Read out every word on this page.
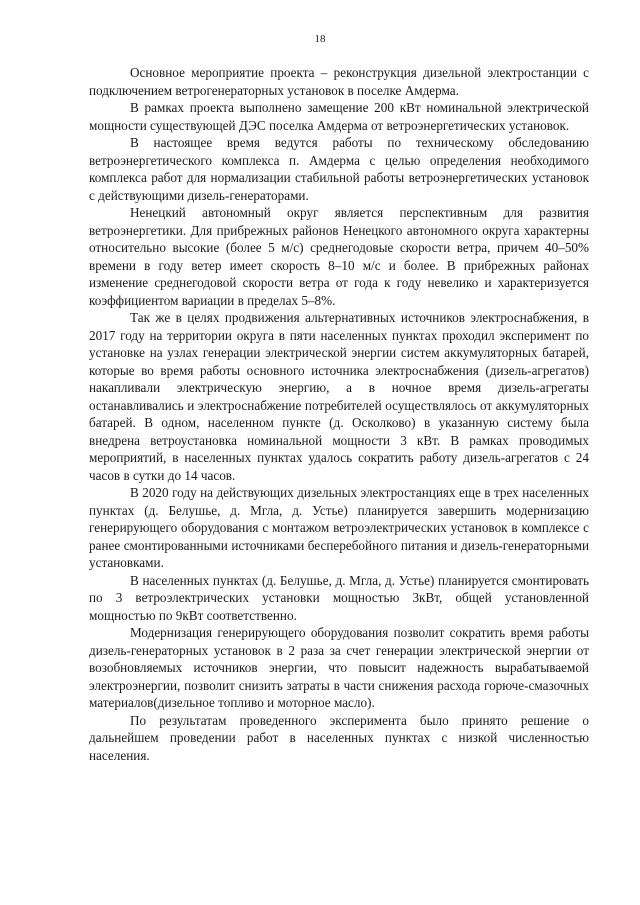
18

Основное мероприятие проекта – реконструкция дизельной электростанции с подключением ветрогенераторных установок в поселке Амдерма.

В рамках проекта выполнено замещение 200 кВт номинальной электрической мощности существующей ДЭС поселка Амдерма от ветроэнергетических установок.

В настоящее время ведутся работы по техническому обследованию ветроэнергетического комплекса п. Амдерма с целью определения необходимого комплекса работ для нормализации стабильной работы ветроэнергетических установок с действующими дизель-генераторами.

Ненецкий автономный округ является перспективным для развития ветроэнергетики. Для прибрежных районов Ненецкого автономного округа характерны относительно высокие (более 5 м/с) среднегодовые скорости ветра, причем 40–50% времени в году ветер имеет скорость 8–10 м/с и более. В прибрежных районах изменение среднегодовой скорости ветра от года к году невелико и характеризуется коэффициентом вариации в пределах 5–8%.

Так же в целях продвижения альтернативных источников электроснабжения, в 2017 году на территории округа в пяти населенных пунктах проходил эксперимент по установке на узлах генерации электрической энергии систем аккумуляторных батарей, которые во время работы основного источника электроснабжения (дизель-агрегатов) накапливали электрическую энергию, а в ночное время дизель-агрегаты останавливались и электроснабжение потребителей осуществлялось от аккумуляторных батарей. В одном, населенном пункте (д. Осколково) в указанную систему была внедрена ветроустановка номинальной мощности 3 кВт. В рамках проводимых мероприятий, в населенных пунктах удалось сократить работу дизель-агрегатов с 24 часов в сутки до 14 часов.

В 2020 году на действующих дизельных электростанциях еще в трех населенных пунктах (д. Белушье, д. Мгла, д. Устье) планируется завершить модернизацию генерирующего оборудования с монтажом ветроэлектрических установок в комплексе с ранее смонтированными источниками бесперебойного питания и дизель-генераторными установками.

В населенных пунктах (д. Белушье, д. Мгла, д. Устье) планируется смонтировать по 3 ветроэлектрических установки мощностью 3кВт, общей установленной мощностью по 9кВт соответственно.

Модернизация генерирующего оборудования позволит сократить время работы дизель-генераторных установок в 2 раза за счет генерации электрической энергии от возобновляемых источников энергии, что повысит надежность вырабатываемой электроэнергии, позволит снизить затраты в части снижения расхода горюче-смазочных материалов(дизельное топливо и моторное масло).

По результатам проведенного эксперимента было принято решение о дальнейшем проведении работ в населенных пунктах с низкой численностью населения.
